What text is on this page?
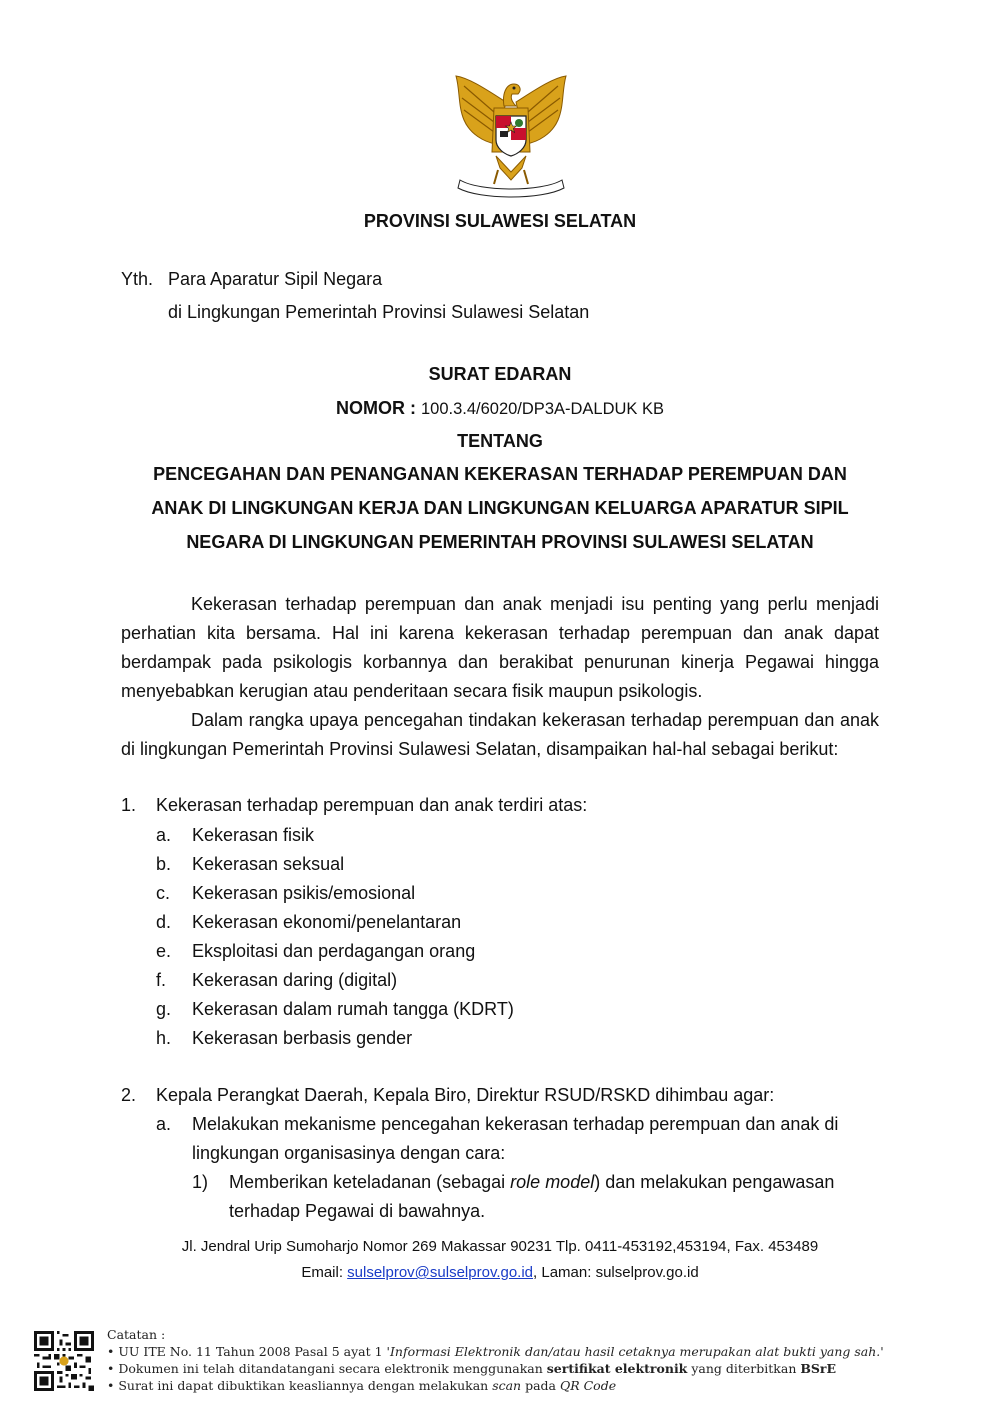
PROVINSI SULAWESI SELATAN
Yth. Para Aparatur Sipil Negara
di Lingkungan Pemerintah Provinsi Sulawesi Selatan
SURAT EDARAN
NOMOR : 100.3.4/6020/DP3A-DALDUK KB
TENTANG
PENCEGAHAN DAN PENANGANAN KEKERASAN TERHADAP PEREMPUAN DAN
ANAK DI LINGKUNGAN KERJA DAN LINGKUNGAN KELUARGA APARATUR SIPIL
NEGARA DI LINGKUNGAN PEMERINTAH PROVINSI SULAWESI SELATAN

Kekerasan terhadap perempuan dan anak menjadi isu penting yang perlu menjadi perhatian kita bersama. Hal ini karena kekerasan terhadap perempuan dan anak dapat berdampak pada psikologis korbannya dan berakibat penurunan kinerja Pegawai hingga menyebabkan kerugian atau penderitaan secara fisik maupun psikologis.

Dalam rangka upaya pencegahan tindakan kekerasan terhadap perempuan dan anak di lingkungan Pemerintah Provinsi Sulawesi Selatan, disampaikan hal-hal sebagai berikut:

1. Kekerasan terhadap perempuan dan anak terdiri atas:
a. Kekerasan fisik
b. Kekerasan seksual
c. Kekerasan psikis/emosional
d. Kekerasan ekonomi/penelantaran
e. Eksploitasi dan perdagangan orang
f. Kekerasan daring (digital)
g. Kekerasan dalam rumah tangga (KDRT)
h. Kekerasan berbasis gender
2. Kepala Perangkat Daerah, Kepala Biro, Direktur RSUD/RSKD dihimbau agar:
a. Melakukan mekanisme pencegahan kekerasan terhadap perempuan dan anak di
lingkungan organisasinya dengan cara:
1) Memberikan keteladanan (sebagai role model) dan melakukan pengawasan
terhadap Pegawai di bawahnya.
Jl. Jendral Urip Sumoharjo Nomor 269 Makassar 90231 Tlp. 0411-453192,453194, Fax. 453489
Email: sulselprov@sulselprov.go.id, Laman: sulselprov.go.id
Catatan :
• UU ITE No. 11 Tahun 2008 Pasal 5 ayat 1 'Informasi Elektronik dan/atau hasil cetaknya merupakan alat bukti yang sah.'
• Dokumen ini telah ditandatangani secara elektronik menggunakan sertifikat elektronik yang diterbitkan BSrE
• Surat ini dapat dibuktikan keasliannya dengan melakukan scan pada QR Code
